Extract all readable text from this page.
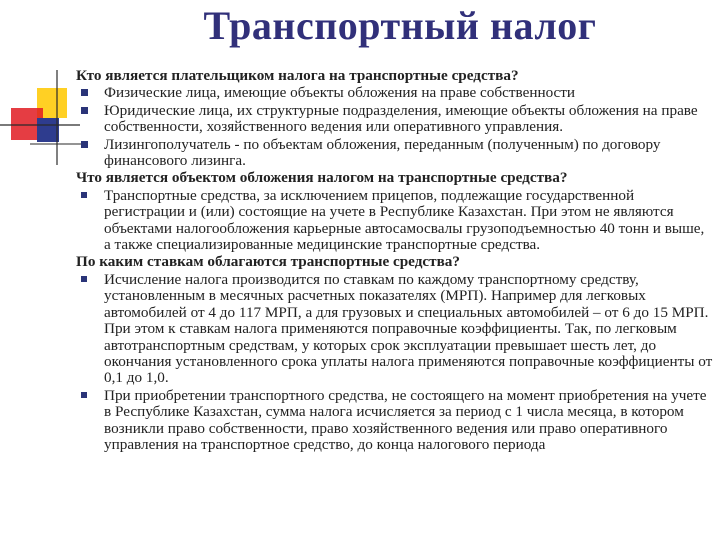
Транспортный налог
Кто является плательщиком налога на транспортные средства?
Физические лица, имеющие объекты обложения на праве собственности
Юридические лица, их структурные подразделения, имеющие объекты обложения на праве собственности, хозяйственного ведения или оперативного управления.
Лизингополучатель - по объектам обложения, переданным (полученным) по договору финансового лизинга.
Что является объектом обложения налогом на транспортные средства?
Транспортные средства, за исключением прицепов, подлежащие государственной регистрации и (или) состоящие на учете в Республике Казахстан. При этом не являются объектами налогообложения карьерные автосамосвалы грузоподъемностью 40 тонн и выше, а также специализированные медицинские транспортные средства.
По каким ставкам облагаются транспортные средства?
Исчисление налога производится по ставкам по каждому транспортному средству, установленным в месячных расчетных показателях (МРП). Например для легковых автомобилей от 4 до 117 МРП, а для грузовых и специальных автомобилей – от 6 до 15 МРП. При этом к ставкам налога применяются поправочные коэффициенты. Так, по легковым автотранспортным средствам, у которых срок эксплуатации превышает шесть лет, до окончания установленного срока уплаты налога применяются поправочные коэффициенты от 0,1 до 1,0.
При приобретении транспортного средства, не состоящего на момент приобретения на учете в Республике Казахстан, сумма налога исчисляется за период с 1 числа месяца, в котором возникли право собственности, право хозяйственного ведения или право оперативного управления на транспортное средство, до конца налогового периода
